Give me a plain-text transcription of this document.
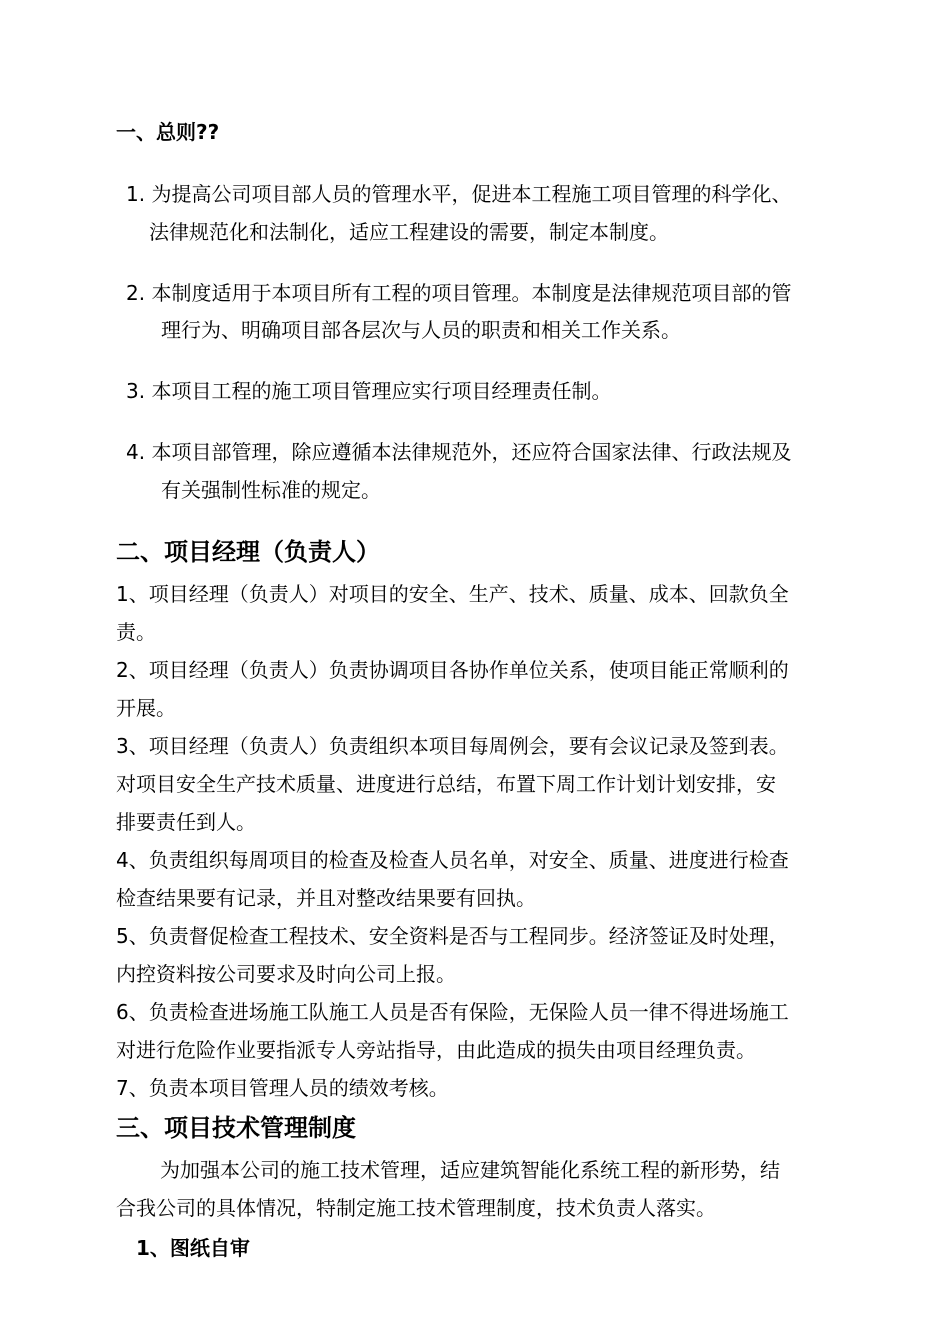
一、总则??
1. 为提高公司项目部人员的管理水平，促进本工程施工项目管理的科学化、
法律规范化和法制化，适应工程建设的需要，制定本制度。
2. 本制度适用于本项目所有工程的项目管理。本制度是法律规范项目部的管
理行为、明确项目部各层次与人员的职责和相关工作关系。
3. 本项目工程的施工项目管理应实行项目经理责任制。
4. 本项目部管理，除应遵循本法律规范外，还应符合国家法律、行政法规及
有关强制性标准的规定。
二、项目经理（负责人）
1、项目经理（负责人）对项目的安全、生产、技术、质量、成本、回款负全
责。
2、项目经理（负责人）负责协调项目各协作单位关系，使项目能正常顺利的
开展。
3、项目经理（负责人）负责组织本项目每周例会，要有会议记录及签到表。
对项目安全生产技术质量、进度进行总结，布置下周工作计划计划安排，安
排要责任到人。
4、负责组织每周项目的检查及检查人员名单，对安全、质量、进度进行检查
检查结果要有记录，并且对整改结果要有回执。
5、负责督促检查工程技术、安全资料是否与工程同步。经济签证及时处理，
内控资料按公司要求及时向公司上报。
6、负责检查进场施工队施工人员是否有保险，无保险人员一律不得进场施工
对进行危险作业要指派专人旁站指导，由此造成的损失由项目经理负责。
7、负责本项目管理人员的绩效考核。
三、项目技术管理制度
为加强本公司的施工技术管理，适应建筑智能化系统工程的新形势，结
合我公司的具体情况，特制定施工技术管理制度，技术负责人落实。
1、图纸自审
